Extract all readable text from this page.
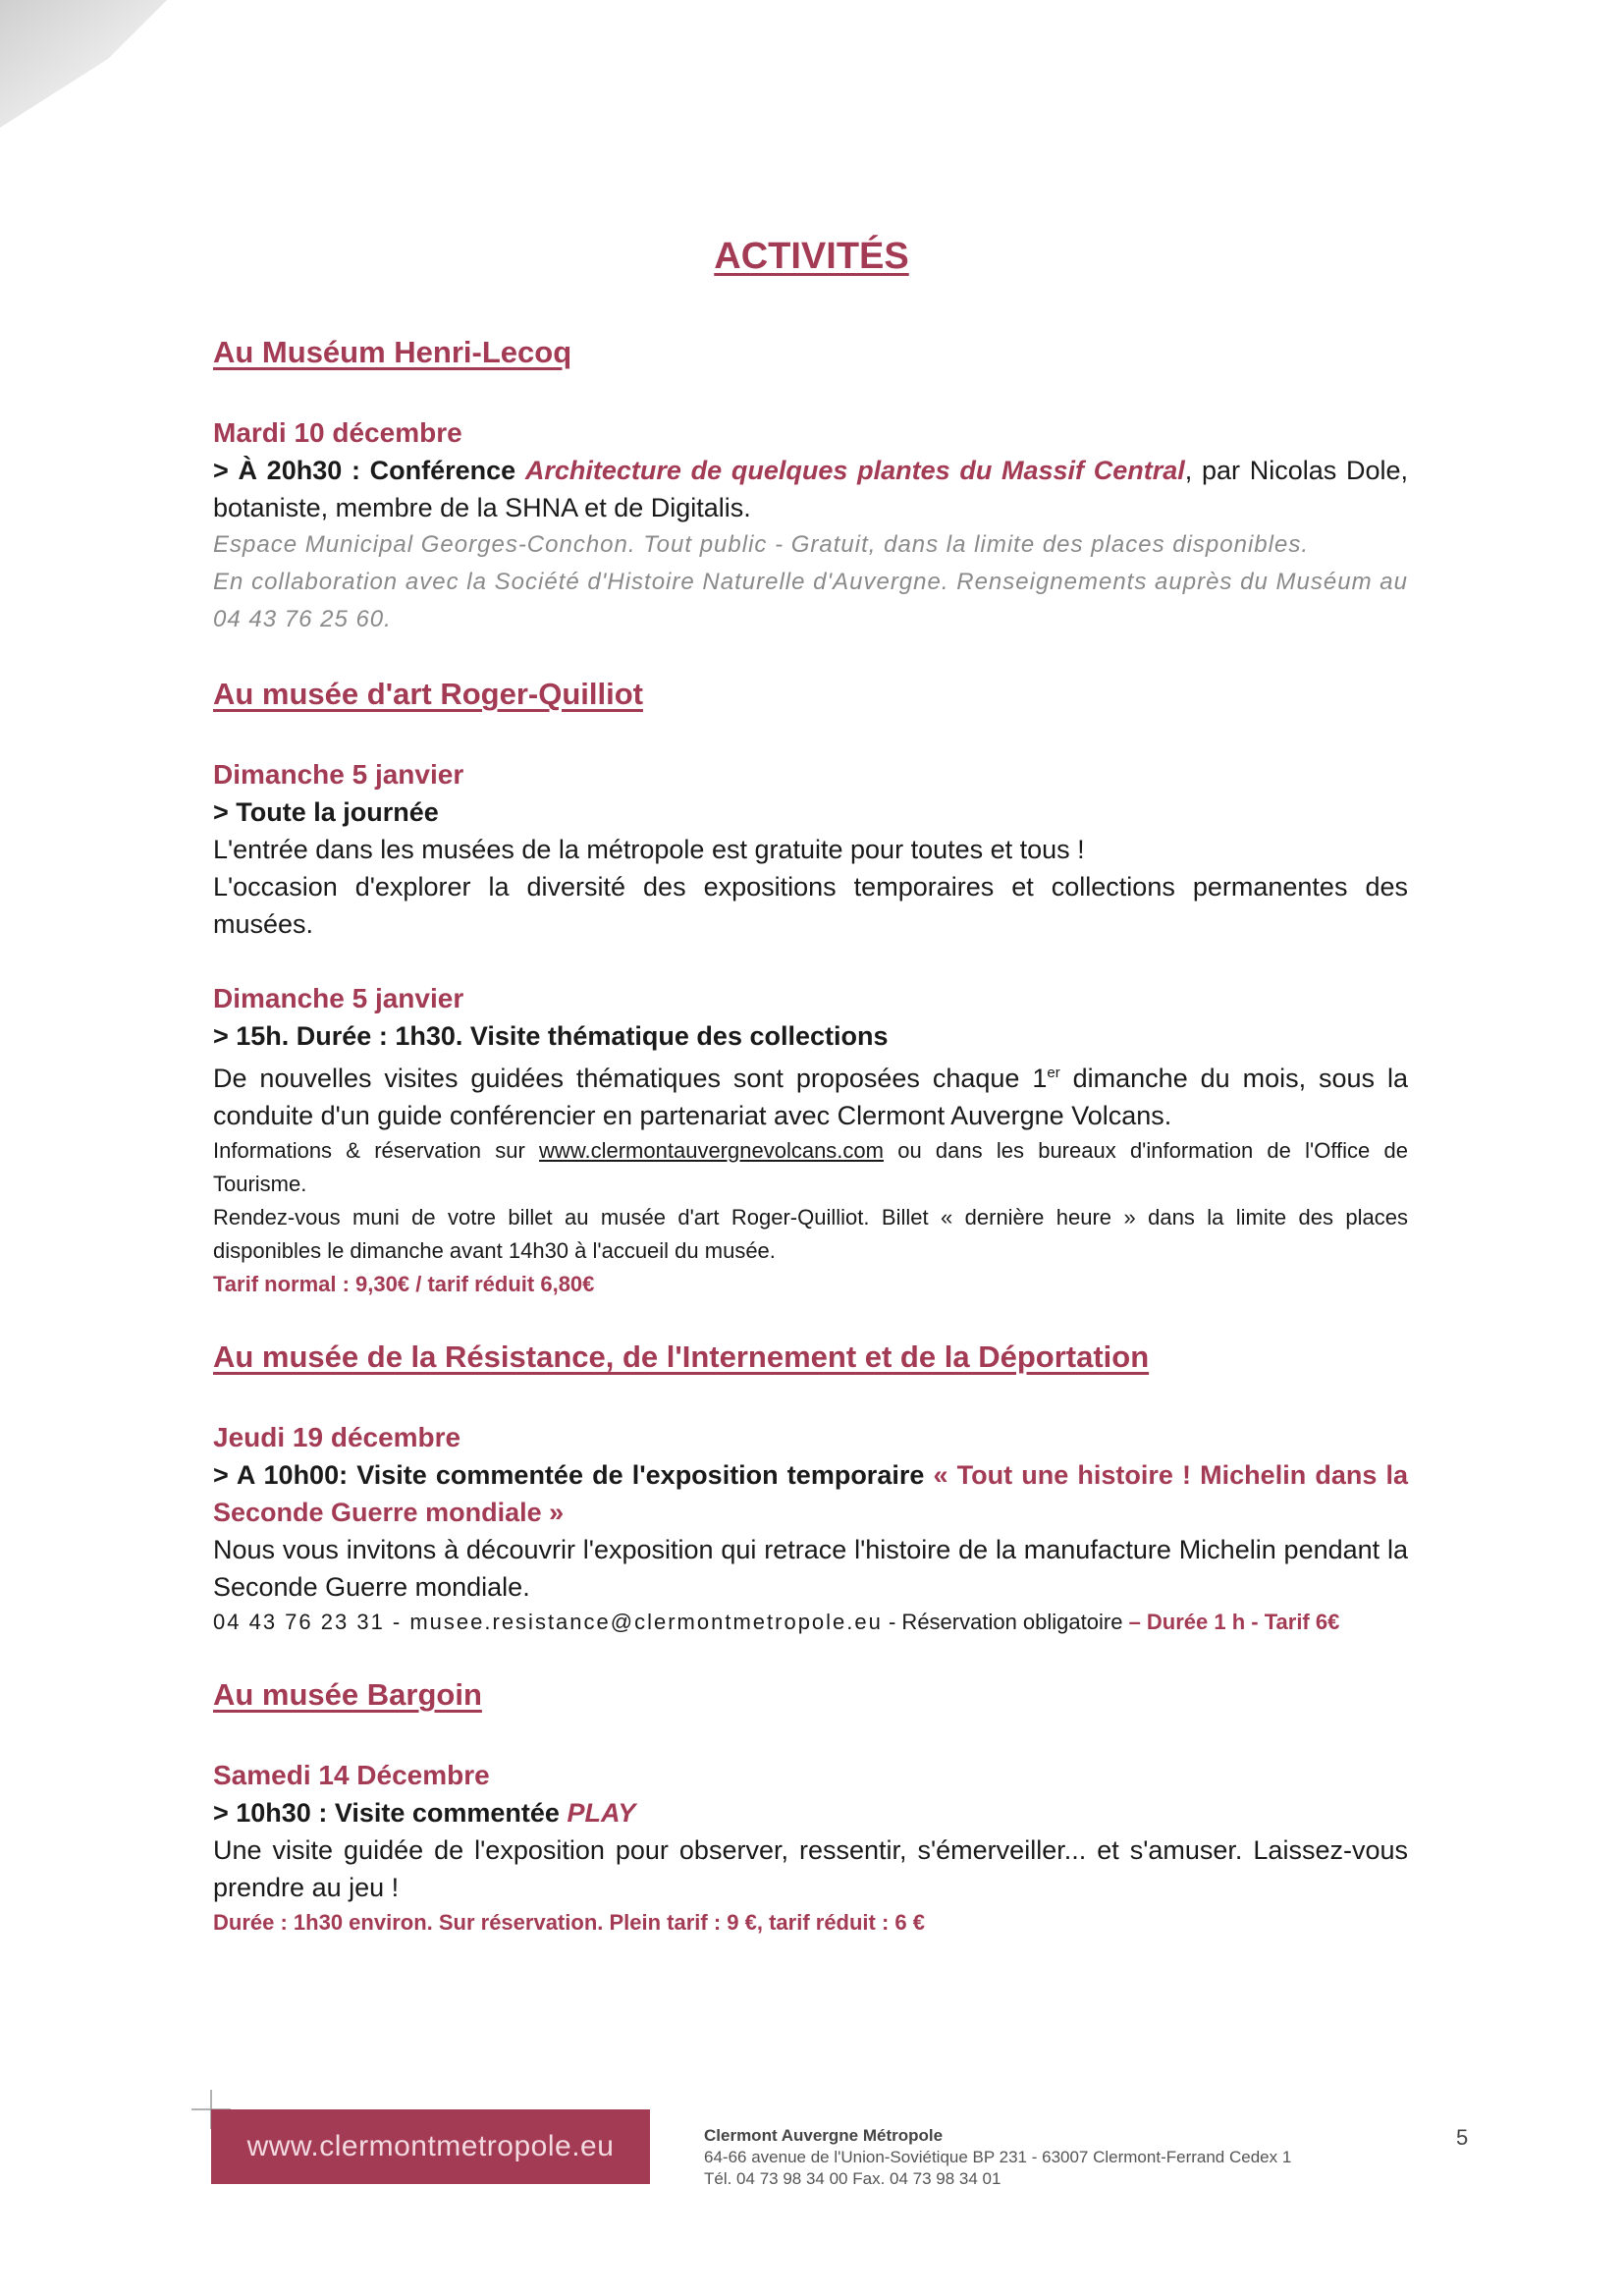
ACTIVITÉS
Au Muséum Henri-Lecoq
Mardi 10 décembre

> À 20h30 : Conférence Architecture de quelques plantes du Massif Central, par Nicolas Dole, botaniste, membre de la SHNA et de Digitalis.

Espace Municipal Georges-Conchon. Tout public - Gratuit, dans la limite des places disponibles.

En collaboration avec la Société d'Histoire Naturelle d'Auvergne. Renseignements auprès du Muséum au 04 43 76 25 60.

Au musée d'art Roger-Quilliot
Dimanche 5 janvier
> Toute la journée

L'entrée dans les musées de la métropole est gratuite pour toutes et tous !

L'occasion d'explorer la diversité des expositions temporaires et collections permanentes des musées.

Dimanche 5 janvier
> 15h. Durée : 1h30. Visite thématique des collections

De nouvelles visites guidées thématiques sont proposées chaque 1er dimanche du mois, sous la conduite d'un guide conférencier en partenariat avec Clermont Auvergne Volcans.

Informations & réservation sur www.clermontauvergnevolcans.com ou dans les bureaux d'information de l'Office de Tourisme.

Rendez-vous muni de votre billet au musée d'art Roger-Quilliot. Billet « dernière heure » dans la limite des places disponibles le dimanche avant 14h30 à l'accueil du musée.

Tarif normal : 9,30€ / tarif réduit 6,80€

Au musée de la Résistance, de l'Internement et de la Déportation
Jeudi 19 décembre

> A 10h00: Visite commentée de l'exposition temporaire « Tout une histoire ! Michelin dans la Seconde Guerre mondiale »

Nous vous invitons à découvrir l'exposition qui retrace l'histoire de la manufacture Michelin pendant la Seconde Guerre mondiale.

04 43 76 23 31 - musee.resistance@clermontmetropole.eu - Réservation obligatoire – Durée 1 h - Tarif 6€

Au musée Bargoin
Samedi 14 Décembre

> 10h30 : Visite commentée PLAY

Une visite guidée de l'exposition pour observer, ressentir, s'émerveiller... et s'amuser. Laissez-vous prendre au jeu !

Durée : 1h30 environ. Sur réservation. Plein tarif : 9 €, tarif réduit : 6 €

www.clermontmetropole.eu	Clermont Auvergne Métropole
64-66 avenue de l'Union-Soviétique BP 231 - 63007 Clermont-Ferrand Cedex 1
Tél. 04 73 98 34 00 Fax. 04 73 98 34 01
5
